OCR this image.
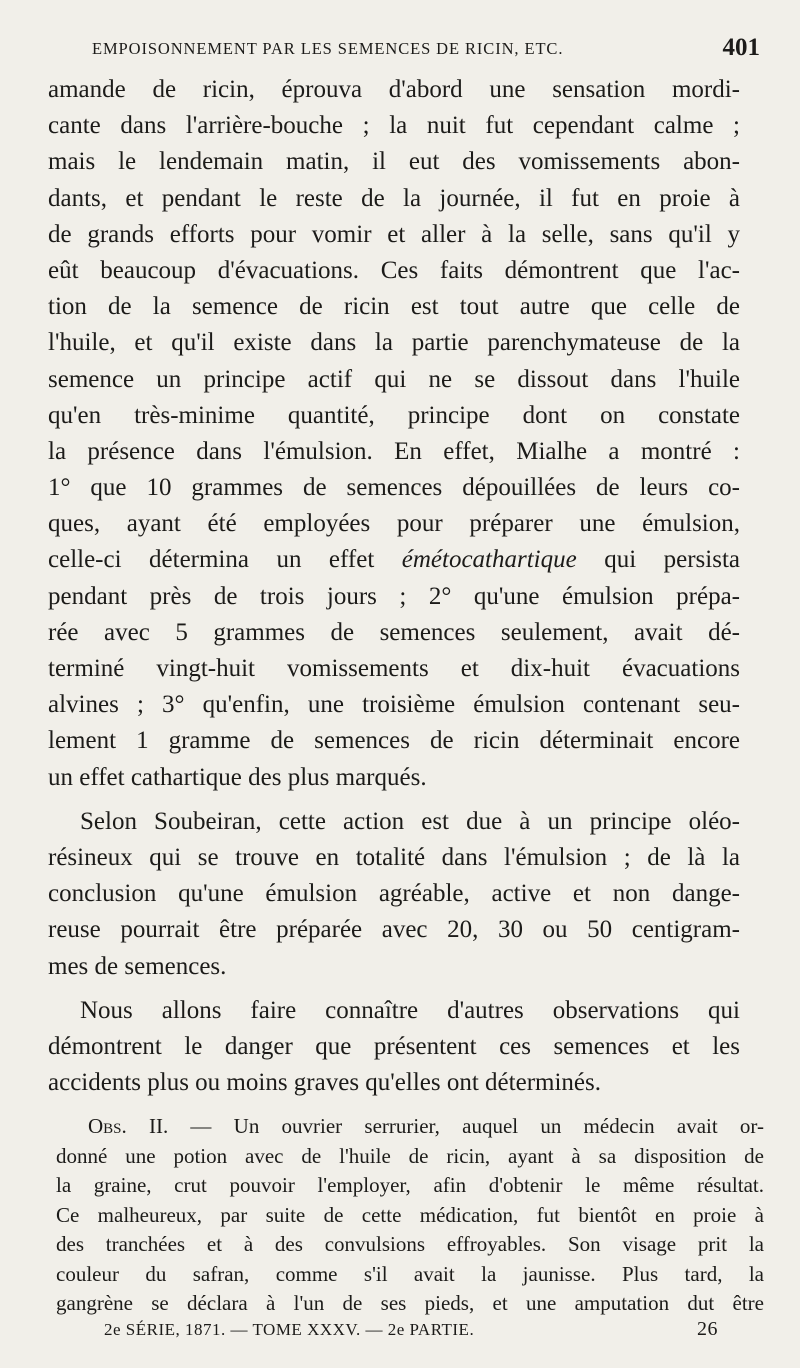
EMPOISONNEMENT PAR LES SEMENCES DE RICIN, ETC.	401
amande de ricin, éprouva d'abord une sensation mordi-
cante dans l'arrière-bouche ; la nuit fut cependant calme ;
mais le lendemain matin, il eut des vomissements abon-
dants, et pendant le reste de la journée, il fut en proie à
de grands efforts pour vomir et aller à la selle, sans qu'il y
eût beaucoup d'évacuations. Ces faits démontrent que l'ac-
tion de la semence de ricin est tout autre que celle de
l'huile, et qu'il existe dans la partie parenchymateuse de la
semence un principe actif qui ne se dissout dans l'huile
qu'en très-minime quantité, principe dont on constate
la présence dans l'émulsion. En effet, Mialhe a montré :
1° que 10 grammes de semences dépouillées de leurs co-
ques, ayant été employées pour préparer une émulsion,
celle-ci détermina un effet émétocathartique qui persista
pendant près de trois jours ; 2° qu'une émulsion prépa-
rée avec 5 grammes de semences seulement, avait dé-
terminé vingt-huit vomissements et dix-huit évacuations
alvines ; 3° qu'enfin, une troisième émulsion contenant seu-
lement 1 gramme de semences de ricin déterminait encore
un effet cathartique des plus marqués.
Selon Soubeiran, cette action est due à un principe oléo-
résineux qui se trouve en totalité dans l'émulsion ; de là la
conclusion qu'une émulsion agréable, active et non dange-
reuse pourrait être préparée avec 20, 30 ou 50 centigram-
mes de semences.
Nous allons faire connaître d'autres observations qui
démontrent le danger que présentent ces semences et les
accidents plus ou moins graves qu'elles ont déterminés.
Obs. II. — Un ouvrier serrurier, auquel un médecin avait or-
donné une potion avec de l'huile de ricin, ayant à sa disposition de
la graine, crut pouvoir l'employer, afin d'obtenir le même résultat.
Ce malheureux, par suite de cette médication, fut bientôt en proie à
des tranchées et à des convulsions effroyables. Son visage prit la
couleur du safran, comme s'il avait la jaunisse. Plus tard, la
gangrène se déclara à l'un de ses pieds, et une amputation dut être
2e SÉRIE, 1871. — TOME XXXV. — 2e PARTIE.	26
